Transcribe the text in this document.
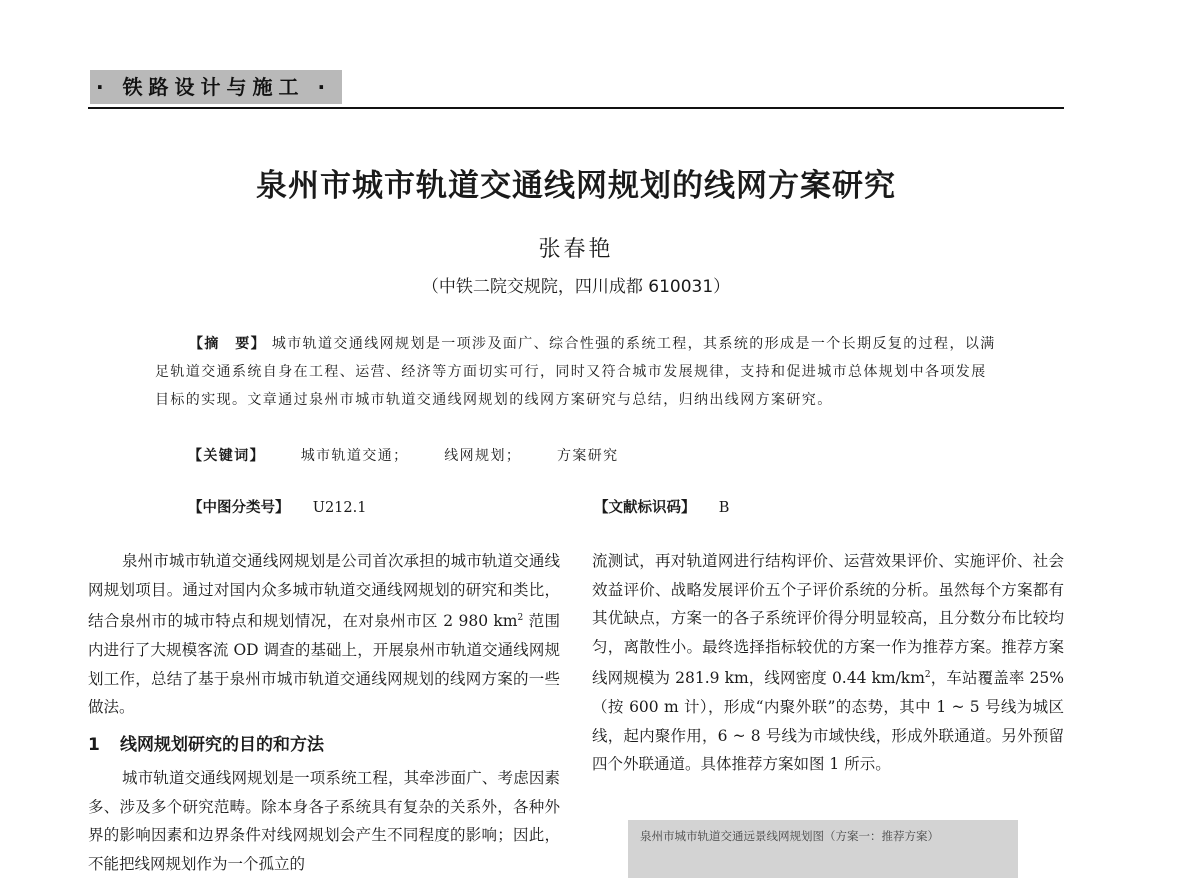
· 铁路设计与施工 ·
泉州市城市轨道交通线网规划的线网方案研究
张春艳
（中铁二院交规院，四川成都 610031）
【摘　要】 城市轨道交通线网规划是一项涉及面广、综合性强的系统工程，其系统的形成是一个长期反复的过程，以满足轨道交通系统自身在工程、运营、经济等方面切实可行，同时又符合城市发展规律，支持和促进城市总体规划中各项发展目标的实现。文章通过泉州市城市轨道交通线网规划的线网方案研究与总结，归纳出线网方案研究。
【关键词】	城市轨道交通；	线网规划；	方案研究
【中图分类号】 U212.1	【文献标识码】 B

泉州市城市轨道交通线网规划是公司首次承担的城市轨道交通线网规划项目。通过对国内众多城市轨道交通线网规划的研究和类比，结合泉州市的城市特点和规划情况，在对泉州市区 2 980 $km^2$ 范围内进行了大规模客流 OD 调查的基础上，开展泉州市轨道交通线网规划工作，总结了基于泉州市城市轨道交通线网规划的线网方案的一些做法。

1 线网规划研究的目的和方法

城市轨道交通线网规划是一项系统工程，其牵涉面广、考虑因素多、涉及多个研究范畴。除本身各子系统具有复杂的关系外，各种外界的影响因素和边界条件对线网规划会产生不同程度的影响；因此，不能把线网规划作为一个孤立的

流测试，再对轨道网进行结构评价、运营效果评价、实施评价、社会效益评价、战略发展评价五个子评价系统的分析。虽然每个方案都有其优缺点，方案一的各子系统评价得分明显较高，且分数分布比较均匀，离散性小。最终选择指标较优的方案一作为推荐方案。推荐方案线网规模为 281.9 km，线网密度 0.44 $km/km^2$，车站覆盖率 25%（按 600 m 计），形成“内聚外联”的态势，其中 1 ~ 5 号线为城区线，起内聚作用，6 ~ 8 号线为市域快线，形成外联通道。另外预留四个外联通道。具体推荐方案如图 1 所示。

泉州市城市轨道交通远景线网规划图（方案一：推荐方案）
